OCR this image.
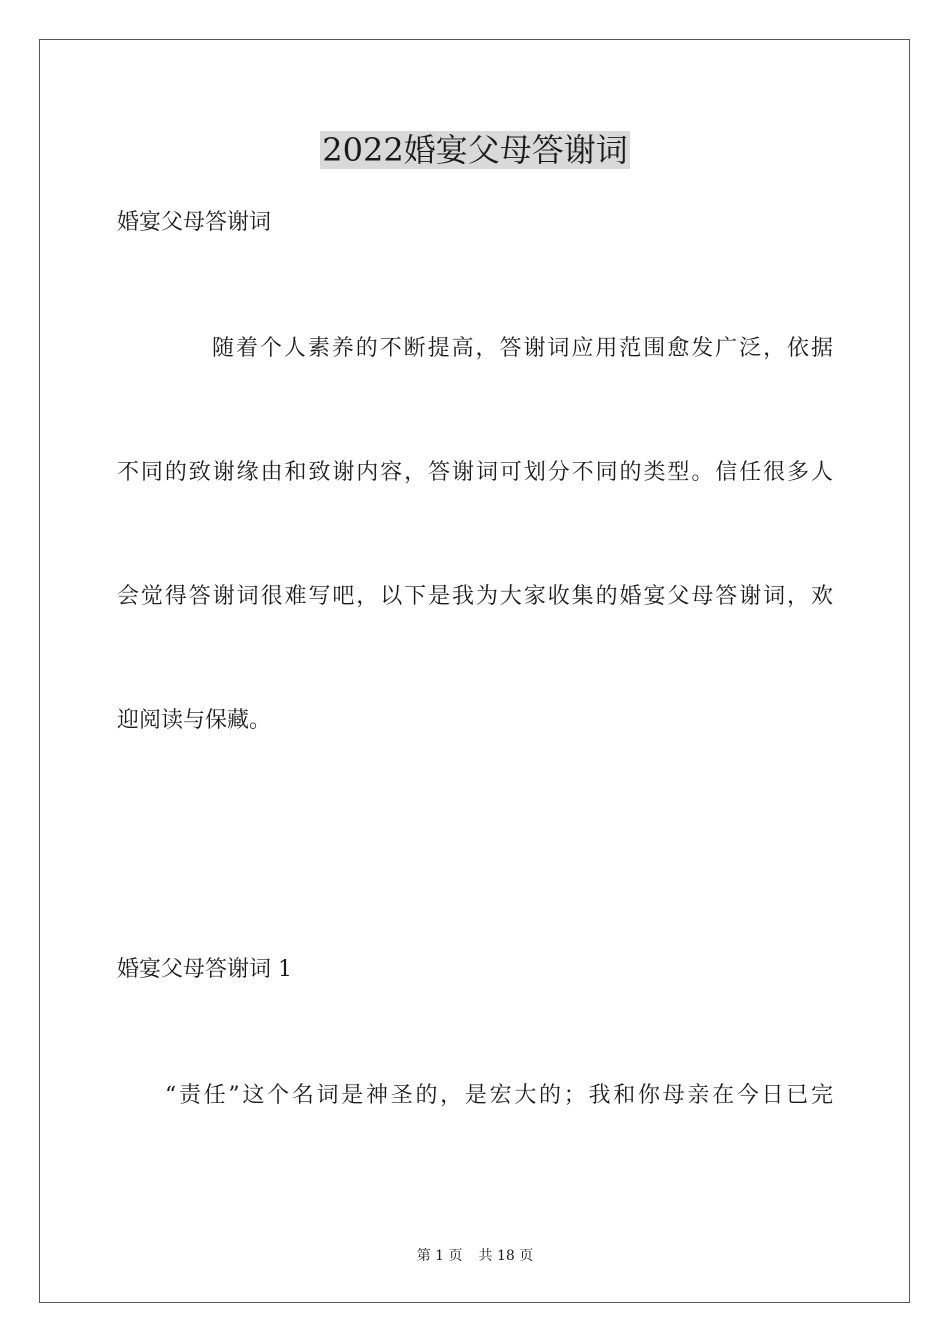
2022婚宴父母答谢词
婚宴父母答谢词
随着个人素养的不断提高，答谢词应用范围愈发广泛，依据
不同的致谢缘由和致谢内容，答谢词可划分不同的类型。信任很多人
会觉得答谢词很难写吧，以下是我为大家收集的婚宴父母答谢词，欢
迎阅读与保藏。
婚宴父母答谢词 1
“责任”这个名词是神圣的，是宏大的；我和你母亲在今日已完
第 1 页 共 18 页
